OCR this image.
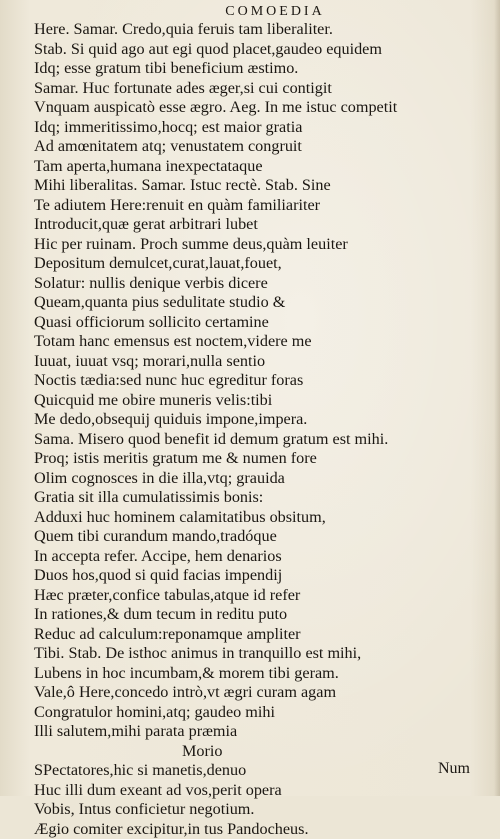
COMOEDIA
Here. Samar. Credo,quia feruis tam liberaliter.
Stab. Si quid ago aut egi quod placet,gaudeo equidem
Idq; esse gratum tibi beneficium æstimo.
Samar. Huc fortunate ades æger,si cui contigit
Vnquam auspicatò esse ægro. Aeg. In me istuc competit
Idq; immeritissimo,hocq; est maior gratia
Ad amœnitatem atq; venustatem congruit
Tam aperta,humana inexpectataque
Mihi liberalitas. Samar. Istuc rectè. Stab. Sine
Te adiutem Here:renuit en quàm familiariter
Introducit,quæ gerat arbitrari lubet
Hic per ruinam. Proch summe deus,quàm leuiter
Depositum demulcet,curat,lauat,fouet,
Solatur: nullis denique verbis dicere
Queam,quanta pius sedulitate studio &
Quasi officiorum sollicito certamine
Totam hanc emensus est noctem,videre me
Iuuat, iuuat vsq; morari,nulla sentio
Noctis tædia:sed nunc huc egreditur foras
Quicquid me obire muneris velis:tibi
Me dedo,obsequij quiduis impone,impera.
Sama. Misero quod benefit id demum gratum est mihi.
Proq; istis meritis gratum me & numen fore
Olim cognosces in die illa,vtq; grauida
Gratia sit illa cumulatissimis bonis:
Adduxi huc hominem calamitatibus obsitum,
Quem tibi curandum mando,tradóque
In accepta refer. Accipe, hem denarios
Duos hos,quod si quid facias impendij
Hæc præter,confice tabulas,atque id refer
In rationes,& dum tecum in reditu puto
Reduc ad calculum:reponamque ampliter
Tibi. Stab. De isthoc animus in tranquillo est mihi,
Lubens in hoc incumbam,& morem tibi geram.
Vale,ô Here,concedo intrò,vt ægri curam agam
Congratulor homini,atq; gaudeo mihi
Illi salutem,mihi parata præmia
Morio
SPectatores,hic si manetis,denuo
Huc illi dum exeant ad vos,perit opera
Vobis, Intus conficietur negotium.
Ægio comiter excipitur,in tus Pandocheus.
Num
